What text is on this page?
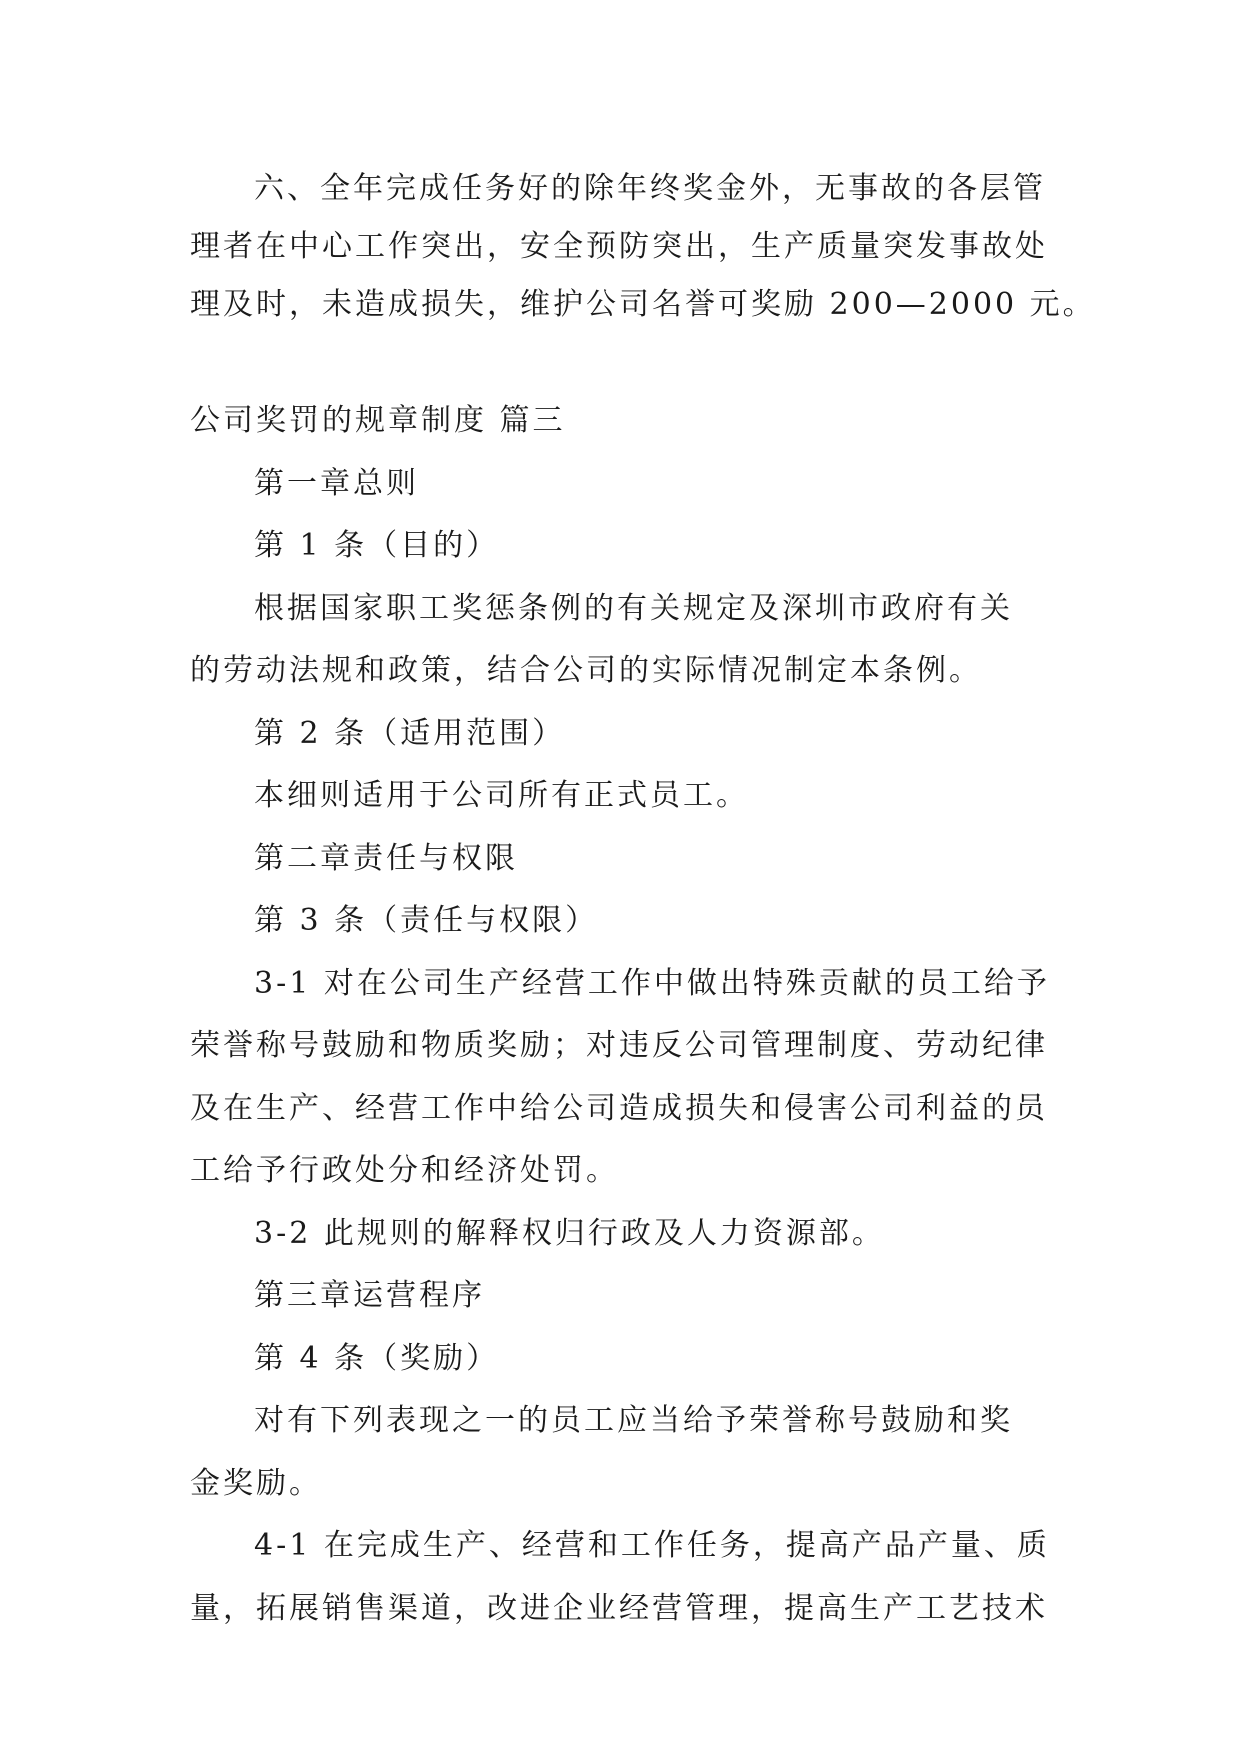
六、全年完成任务好的除年终奖金外，无事故的各层管
理者在中心工作突出，安全预防突出，生产质量突发事故处
理及时，未造成损失，维护公司名誉可奖励 200—2000 元。
公司奖罚的规章制度 篇三
第一章总则
第 1 条（目的）
根据国家职工奖惩条例的有关规定及深圳市政府有关
的劳动法规和政策，结合公司的实际情况制定本条例。
第 2 条（适用范围）
本细则适用于公司所有正式员工。
第二章责任与权限
第 3 条（责任与权限）
3-1 对在公司生产经营工作中做出特殊贡献的员工给予
荣誉称号鼓励和物质奖励；对违反公司管理制度、劳动纪律
及在生产、经营工作中给公司造成损失和侵害公司利益的员
工给予行政处分和经济处罚。
3-2 此规则的解释权归行政及人力资源部。
第三章运营程序
第 4 条（奖励）
对有下列表现之一的员工应当给予荣誉称号鼓励和奖
金奖励。
4-1 在完成生产、经营和工作任务，提高产品产量、质
量，拓展销售渠道，改进企业经营管理，提高生产工艺技术
